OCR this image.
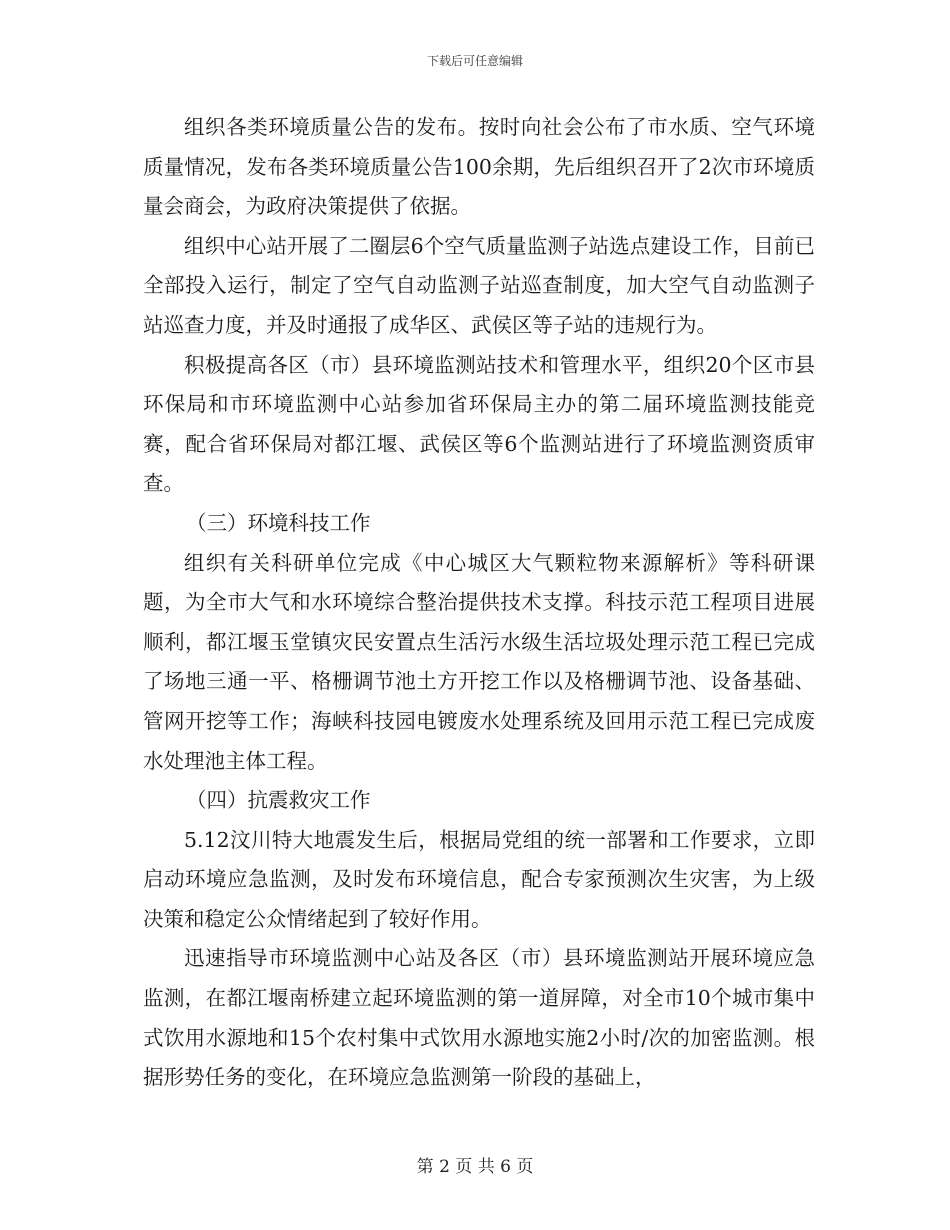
下载后可任意编辑

组织各类环境质量公告的发布。按时向社会公布了市水质、空气环境质量情况，发布各类环境质量公告100余期，先后组织召开了2次市环境质量会商会，为政府决策提供了依据。

组织中心站开展了二圈层6个空气质量监测子站选点建设工作，目前已全部投入运行，制定了空气自动监测子站巡查制度，加大空气自动监测子站巡查力度，并及时通报了成华区、武侯区等子站的违规行为。

积极提高各区（市）县环境监测站技术和管理水平，组织20个区市县环保局和市环境监测中心站参加省环保局主办的第二届环境监测技能竞赛，配合省环保局对都江堰、武侯区等6个监测站进行了环境监测资质审查。

（三）环境科技工作

组织有关科研单位完成《中心城区大气颗粒物来源解析》等科研课题，为全市大气和水环境综合整治提供技术支撑。科技示范工程项目进展顺利，都江堰玉堂镇灾民安置点生活污水级生活垃圾处理示范工程已完成了场地三通一平、格栅调节池土方开挖工作以及格栅调节池、设备基础、管网开挖等工作；海峡科技园电镀废水处理系统及回用示范工程已完成废水处理池主体工程。

（四）抗震救灾工作

5.12汶川特大地震发生后，根据局党组的统一部署和工作要求，立即启动环境应急监测，及时发布环境信息，配合专家预测次生灾害，为上级决策和稳定公众情绪起到了较好作用。

迅速指导市环境监测中心站及各区（市）县环境监测站开展环境应急监测，在都江堰南桥建立起环境监测的第一道屏障，对全市10个城市集中式饮用水源地和15个农村集中式饮用水源地实施2小时/次的加密监测。根据形势任务的变化，在环境应急监测第一阶段的基础上，

第 2 页 共 6 页
